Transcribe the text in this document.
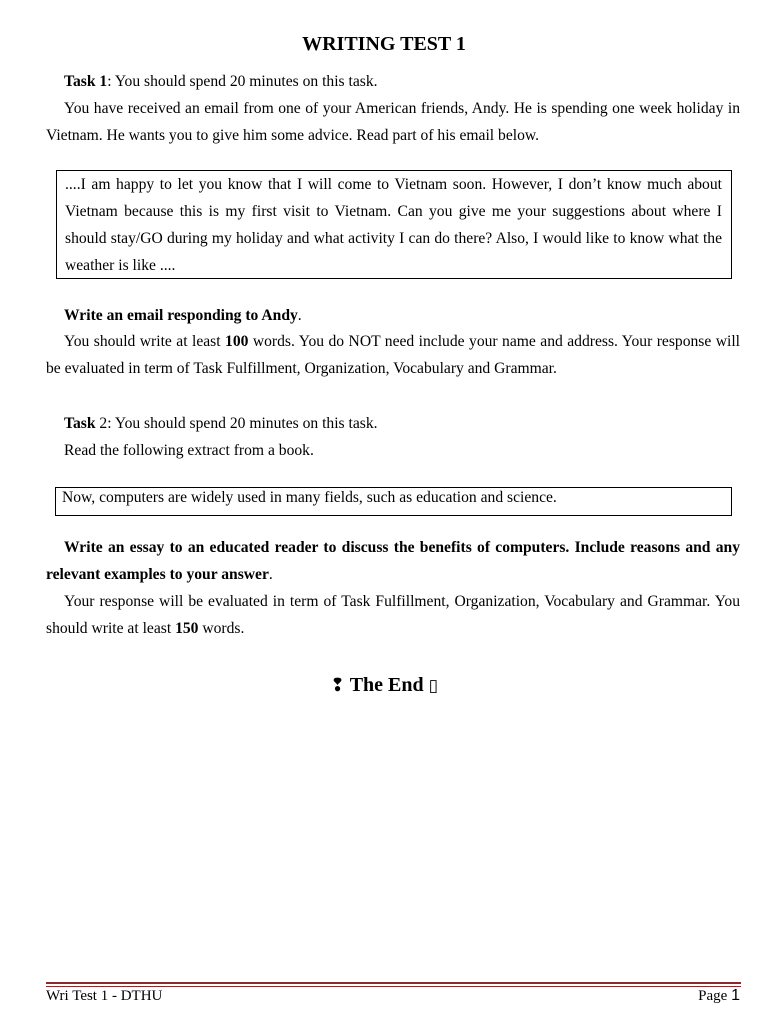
WRITING TEST 1

Task 1: You should spend 20 minutes on this task.

You have received an email from one of your American friends, Andy. He is spending one week holiday in Vietnam. He wants you to give him some advice. Read part of his email below.

....I am happy to let you know that I will come to Vietnam soon. However, I don’t know much about Vietnam because this is my first visit to Vietnam. Can you give me your suggestions about where I should stay/GO during my holiday and what activity I can do there? Also, I would like to know what the weather is like ....

Write an email responding to Andy.

You should write at least 100 words. You do NOT need include your name and address. Your response will be evaluated in term of Task Fulfillment, Organization, Vocabulary and Grammar.

Task 2: You should spend 20 minutes on this task.

Read the following extract from a book.

Now, computers are widely used in many fields, such as education and science.

Write an essay to an educated reader to discuss the benefits of computers. Include reasons and any relevant examples to your answer.

Your response will be evaluated in term of Task Fulfillment, Organization, Vocabulary and Grammar. You should write at least 150 words.

❢ The End ▯
Wri Test 1 - DTHU	Page 1
